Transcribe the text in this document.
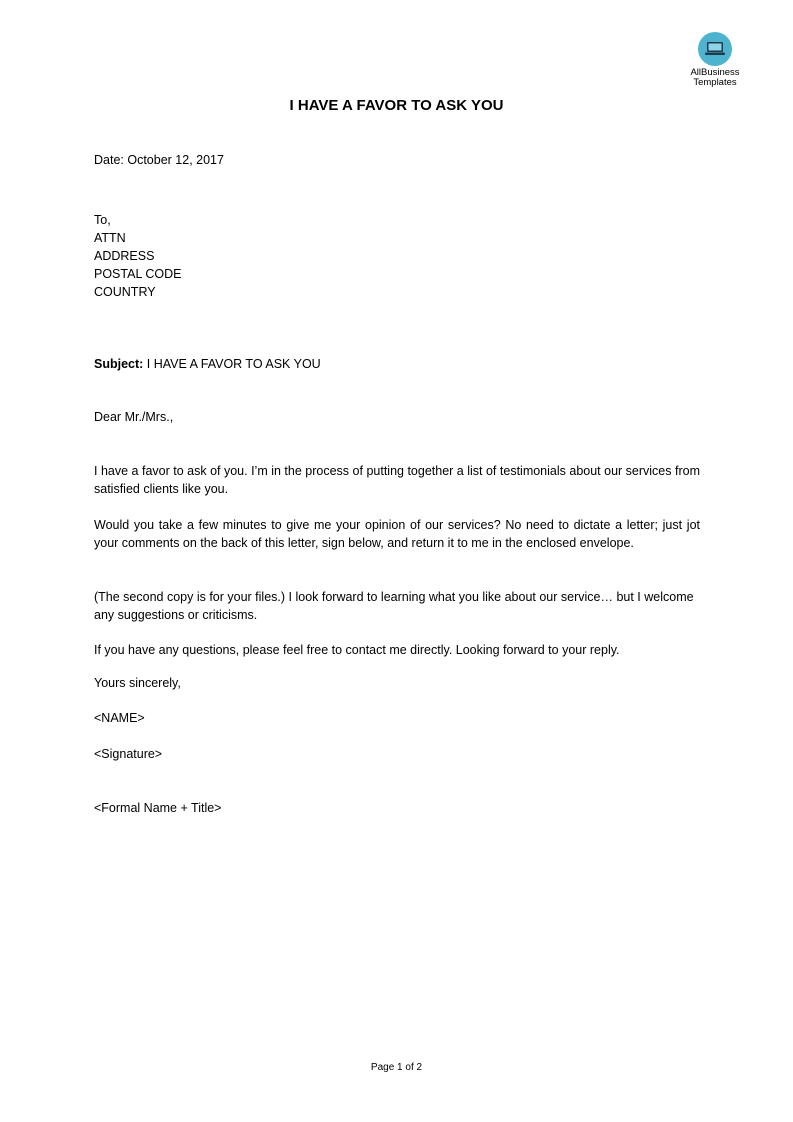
AllBusiness
Templates
I HAVE A FAVOR TO ASK YOU
Date: October 12, 2017
To,
ATTN
ADDRESS
POSTAL CODE
COUNTRY
Subject: I HAVE A FAVOR TO ASK YOU
Dear Mr./Mrs.,
I have a favor to ask of you. I’m in the process of putting together a list of testimonials about our services from satisfied clients like you.
Would you take a few minutes to give me your opinion of our services? No need to dictate a letter; just jot your comments on the back of this letter, sign below, and return it to me in the enclosed envelope.
(The second copy is for your files.) I look forward to learning what you like about our service… but I welcome any suggestions or criticisms.
If you have any questions, please feel free to contact me directly. Looking forward to your reply.
Yours sincerely,
<NAME>
<Signature>
<Formal Name + Title>
Page 1 of 2
